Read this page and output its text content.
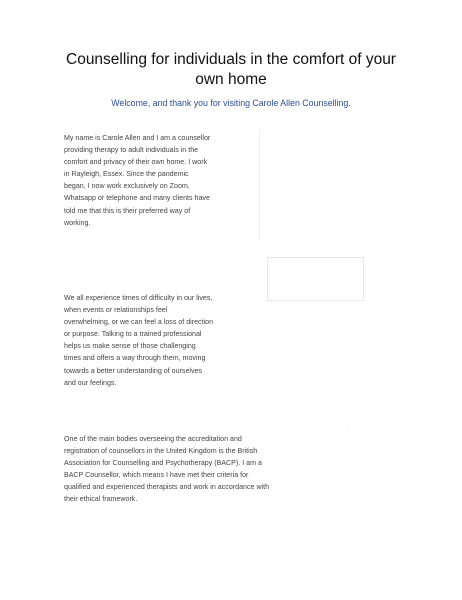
Counselling for individuals in the comfort of your own home

Welcome, and thank you for visiting Carole Allen Counselling.

My name is Carole Allen and I am a counsellor providing therapy to adult individuals in the comfort and privacy of their own home. I work in Rayleigh, Essex. Since the pandemic began, I now work exclusively on Zoom, Whatsapp or telephone and many clients have told me that this is their preferred way of working.

We all experience times of difficulty in our lives, when events or relationships feel overwhelming, or we can feel a loss of direction or purpose. Talking to a trained professional helps us make sense of those challenging times and offers a way through them, moving towards a better understanding of ourselves and our feelings.

One of the main bodies overseeing the accreditation and registration of counsellors in the United Kingdom is the British Association for Counselling and Psychotherapy (BACP). I am a BACP Counsellor, which means I have met their criteria for qualified and experienced therapists and work in accordance with their ethical framework.
